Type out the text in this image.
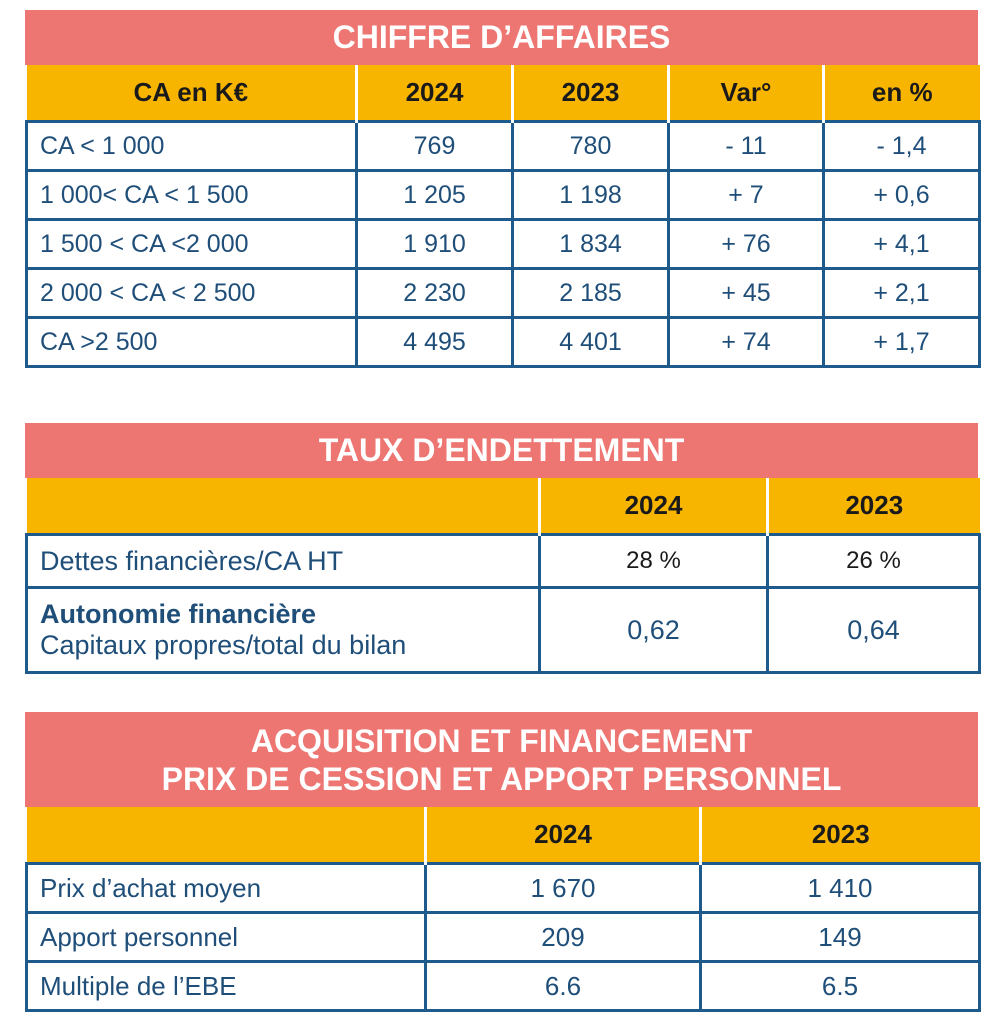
CHIFFRE D’AFFAIRES
CA en K€	2024	2023	Var°	en %
CA < 1 000	769	780	- 11	- 1,4
1 000< CA < 1 500	1 205	1 198	+ 7	+ 0,6
1 500 < CA <2 000	1 910	1 834	+ 76	+ 4,1
2 000 < CA < 2 500	2 230	2 185	+ 45	+ 2,1
CA >2 500	4 495	4 401	+ 74	+ 1,7
TAUX D’ENDETTEMENT
	2024	2023
Dettes financières/CA HT	28 %	26 %

Autonomie financière
Capitaux propres/total du bilan	0,62	0,64
ACQUISITION ET FINANCEMENT
PRIX DE CESSION ET APPORT PERSONNEL
	2024	2023
Prix d’achat moyen	1 670	1 410
Apport personnel	209	149
Multiple de l’EBE	6.6	6.5
